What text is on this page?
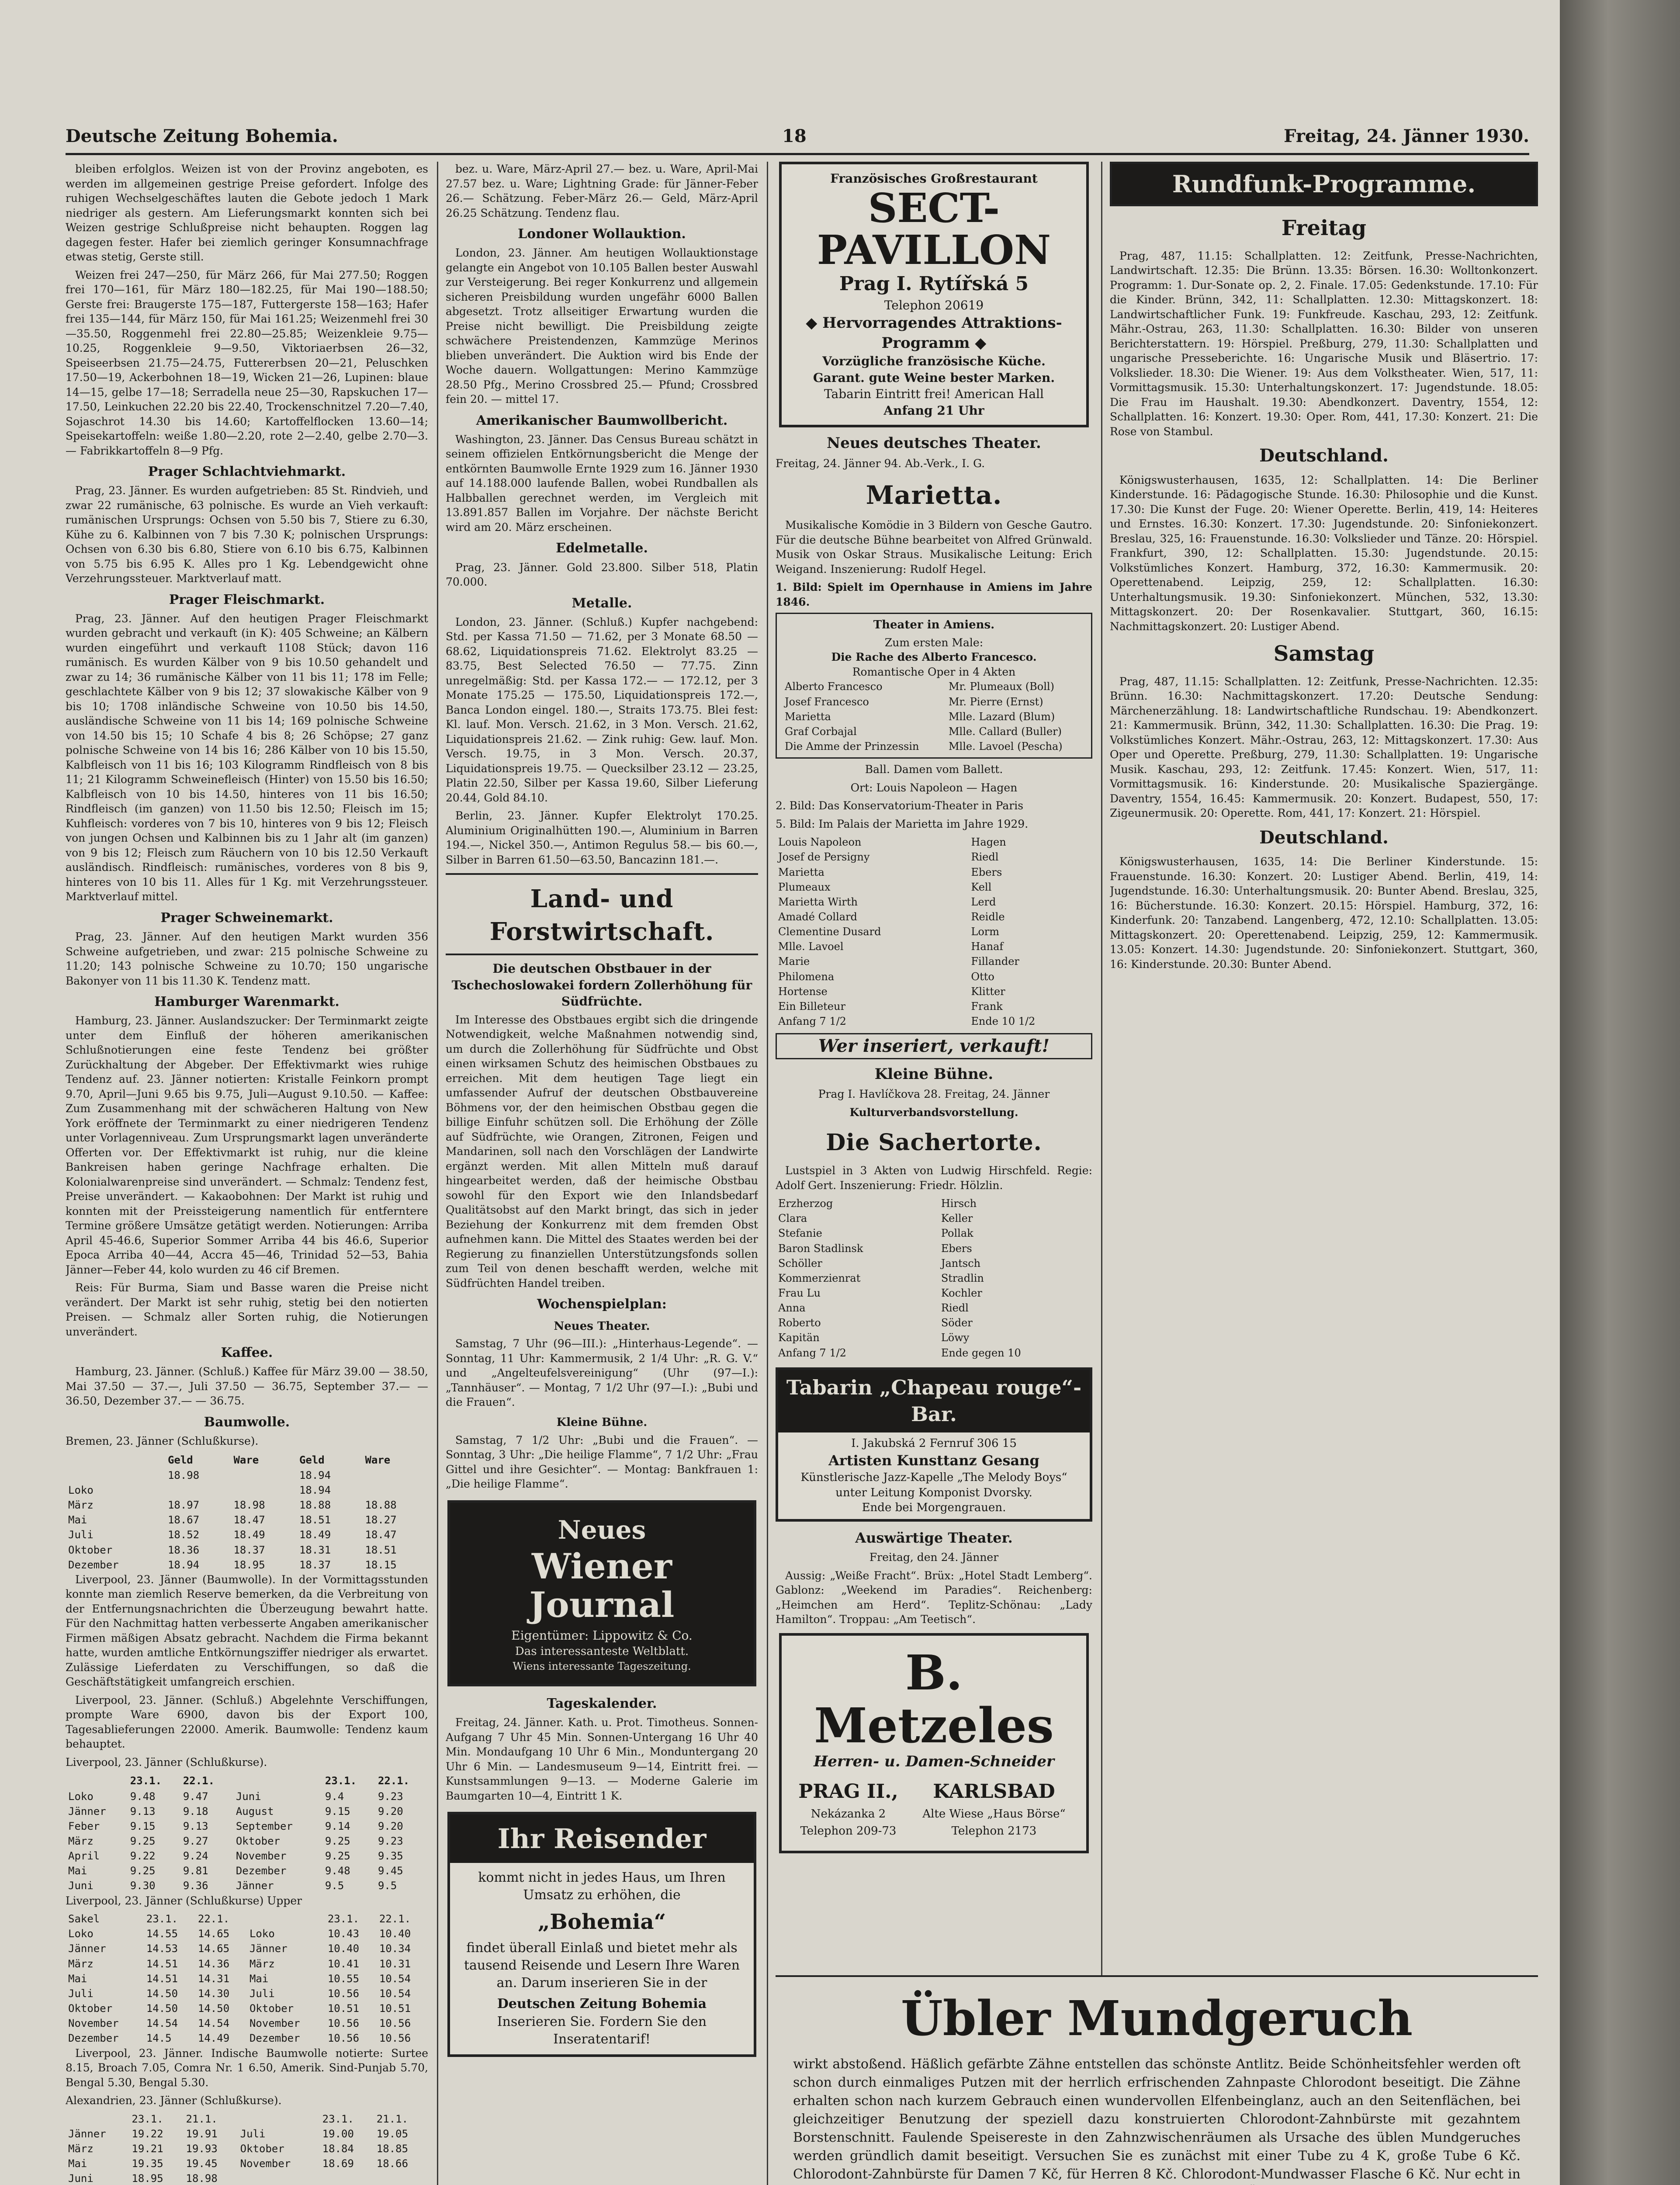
Deutsche Zeitung Bohemia.	18	Freitag, 24. Jänner 1930.

bleiben erfolglos. Weizen ist von der Provinz angeboten, es werden im allgemeinen gestrige Preise gefordert. Infolge des ruhigen Wechselgeschäftes lauten die Gebote jedoch 1 Mark niedriger als gestern. Am Lieferungsmarkt konnten sich bei Weizen gestrige Schlußpreise nicht behaupten. Roggen lag dagegen fester. Hafer bei ziemlich geringer Konsumnachfrage etwas stetig, Gerste still.

Weizen frei 247—250, für März 266, für Mai 277.50; Roggen frei 170—161, für März 180—182.25, für Mai 190—188.50; Gerste frei: Braugerste 175—187, Futtergerste 158—163; Hafer frei 135—144, für März 150, für Mai 161.25; Weizenmehl frei 30—35.50, Roggenmehl frei 22.80—25.85; Weizenkleie 9.75—10.25, Roggenkleie 9—9.50, Viktoriaerbsen 26—32, Speiseerbsen 21.75—24.75, Futtererbsen 20—21, Peluschken 17.50—19, Ackerbohnen 18—19, Wicken 21—26, Lupinen: blaue 14—15, gelbe 17—18; Serradella neue 25—30, Rapskuchen 17—17.50, Leinkuchen 22.20 bis 22.40, Trockenschnitzel 7.20—7.40, Sojaschrot 14.30 bis 14.60; Kartoffelflocken 13.60—14; Speisekartoffeln: weiße 1.80—2.20, rote 2—2.40, gelbe 2.70—3. — Fabrikkartoffeln 8—9 Pfg.

Prager Schlachtviehmarkt.

Prag, 23. Jänner. Es wurden aufgetrieben: 85 St. Rindvieh, und zwar 22 rumänische, 63 polnische. Es wurde an Vieh verkauft: rumänischen Ursprungs: Ochsen von 5.50 bis 7, Stiere zu 6.30, Kühe zu 6. Kalbinnen von 7 bis 7.30 K; polnischen Ursprungs: Ochsen von 6.30 bis 6.80, Stiere von 6.10 bis 6.75, Kalbinnen von 5.75 bis 6.95 K. Alles pro 1 Kg. Lebendgewicht ohne Verzehrungssteuer. Marktverlauf matt.

Prager Fleischmarkt.

Prag, 23. Jänner. Auf den heutigen Prager Fleischmarkt wurden gebracht und verkauft (in K): 405 Schweine; an Kälbern wurden eingeführt und verkauft 1108 Stück; davon 116 rumänisch. Es wurden Kälber von 9 bis 10.50 gehandelt und zwar zu 14; 36 rumänische Kälber von 11 bis 11; 178 im Felle; geschlachtete Kälber von 9 bis 12; 37 slowakische Kälber von 9 bis 10; 1708 inländische Schweine von 10.50 bis 14.50, ausländische Schweine von 11 bis 14; 169 polnische Schweine von 14.50 bis 15; 10 Schafe 4 bis 8; 26 Schöpse; 27 ganz polnische Schweine von 14 bis 16; 286 Kälber von 10 bis 15.50, Kalbfleisch von 11 bis 16; 103 Kilogramm Rindfleisch von 8 bis 11; 21 Kilogramm Schweinefleisch (Hinter) von 15.50 bis 16.50; Kalbfleisch von 10 bis 14.50, hinteres von 11 bis 16.50; Rindfleisch (im ganzen) von 11.50 bis 12.50; Fleisch im 15; Kuhfleisch: vorderes von 7 bis 10, hinteres von 9 bis 12; Fleisch von jungen Ochsen und Kalbinnen bis zu 1 Jahr alt (im ganzen) von 9 bis 12; Fleisch zum Räuchern von 10 bis 12.50 Verkauft ausländisch. Rindfleisch: rumänisches, vorderes von 8 bis 9, hinteres von 10 bis 11. Alles für 1 Kg. mit Verzehrungssteuer. Marktverlauf mittel.

Prager Schweinemarkt.

Prag, 23. Jänner. Auf den heutigen Markt wurden 356 Schweine aufgetrieben, und zwar: 215 polnische Schweine zu 11.20; 143 polnische Schweine zu 10.70; 150 ungarische Bakonyer von 11 bis 11.30 K. Tendenz matt.

Hamburger Warenmarkt.

Hamburg, 23. Jänner. Auslandszucker: Der Terminmarkt zeigte unter dem Einfluß der höheren amerikanischen Schlußnotierungen eine feste Tendenz bei größter Zurückhaltung der Abgeber. Der Effektivmarkt wies ruhige Tendenz auf. 23. Jänner notierten: Kristalle Feinkorn prompt 9.70, April—Juni 9.65 bis 9.75, Juli—August 9.10.50. — Kaffee: Zum Zusammenhang mit der schwächeren Haltung von New York eröffnete der Terminmarkt zu einer niedrigeren Tendenz unter Vorlagenniveau. Zum Ursprungsmarkt lagen unveränderte Offerten vor. Der Effektivmarkt ist ruhig, nur die kleine Bankreisen haben geringe Nachfrage erhalten. Die Kolonialwarenpreise sind unverändert. — Schmalz: Tendenz fest, Preise unverändert. — Kakaobohnen: Der Markt ist ruhig und konnten mit der Preissteigerung namentlich für entferntere Termine größere Umsätze getätigt werden. Notierungen: Arriba April 45-46.6, Superior Sommer Arriba 44 bis 46.6, Superior Epoca Arriba 40—44, Accra 45—46, Trinidad 52—53, Bahia Jänner—Feber 44, kolo wurden zu 46 cif Bremen.

Reis: Für Burma, Siam und Basse waren die Preise nicht verändert. Der Markt ist sehr ruhig, stetig bei den notierten Preisen. — Schmalz aller Sorten ruhig, die Notierungen unverändert.

Kaffee.

Hamburg, 23. Jänner. (Schluß.) Kaffee für März 39.00 — 38.50, Mai 37.50 — 37.—, Juli 37.50 — 36.75, September 37.— — 36.50, Dezember 37.— — 36.75.

Baumwolle.

Bremen, 23. Jänner (Schlußkurse).

	Geld	Ware	Geld	Ware
	18.98		18.94	
Loko			18.94	
März	18.97	18.98	18.88	18.88
Mai	18.67	18.47	18.51	18.27
Juli	18.52	18.49	18.49	18.47
Oktober	18.36	18.37	18.31	18.51
Dezember	18.94	18.95	18.37	18.15

Liverpool, 23. Jänner (Baumwolle). In der Vormittagsstunden konnte man ziemlich Reserve bemerken, da die Verbreitung von der Entfernungsnachrichten die Überzeugung bewahrt hatte. Für den Nachmittag hatten verbesserte Angaben amerikanischer Firmen mäßigen Absatz gebracht. Nachdem die Firma bekannt hatte, wurden amtliche Entkörnungsziffer niedriger als erwartet. Zulässige Lieferdaten zu Verschiffungen, so daß die Geschäftstätigkeit umfangreich erschien.

Liverpool, 23. Jänner. (Schluß.) Abgelehnte Verschiffungen, prompte Ware 6900, davon bis der Export 100, Tagesablieferungen 22000. Amerik. Baumwolle: Tendenz kaum behauptet.

Liverpool, 23. Jänner (Schlußkurse).

	23.1.	22.1.		23.1.	22.1.
Loko	9.48	9.47	Juni	9.4	9.23
Jänner	9.13	9.18	August	9.15	9.20
Feber	9.15	9.13	September	9.14	9.20
März	9.25	9.27	Oktober	9.25	9.23
April	9.22	9.24	November	9.25	9.35
Mai	9.25	9.81	Dezember	9.48	9.45
Juni	9.30	9.36	Jänner	9.5	9.5

Liverpool, 23. Jänner (Schlußkurse) Upper

Sakel	23.1.	22.1.		23.1.	22.1.
Loko	14.55	14.65	Loko	10.43	10.40
Jänner	14.53	14.65	Jänner	10.40	10.34
März	14.51	14.36	März	10.41	10.31
Mai	14.51	14.31	Mai	10.55	10.54
Juli	14.50	14.30	Juli	10.56	10.54
Oktober	14.50	14.50	Oktober	10.51	10.51
November	14.54	14.54	November	10.56	10.56
Dezember	14.5	14.49	Dezember	10.56	10.56

Liverpool, 23. Jänner. Indische Baumwolle notierte: Surtee 8.15, Broach 7.05, Comra Nr. 1 6.50, Amerik. Sind-Punjab 5.70, Bengal 5.30, Bengal 5.30.

Alexandrien, 23. Jänner (Schlußkurse).

	23.1.	21.1.		23.1.	21.1.
Jänner	19.22	19.91	Juli	19.00	19.05
März	19.21	19.93	Oktober	18.84	18.85
Mai	19.35	19.45	November	18.69	18.66
Juni	18.95	18.98			

bez. u. Ware, März-April 27.— bez. u. Ware, April-Mai 27.57 bez. u. Ware; Lightning Grade: für Jänner-Feber 26.— Schätzung. Feber-März 26.— Geld, März-April 26.25 Schätzung. Tendenz flau.

Londoner Wollauktion.

London, 23. Jänner. Am heutigen Wollauktionstage gelangte ein Angebot von 10.105 Ballen bester Auswahl zur Versteigerung. Bei reger Konkurrenz und allgemein sicheren Preisbildung wurden ungefähr 6000 Ballen abgesetzt. Trotz allseitiger Erwartung wurden die Preise nicht bewilligt. Die Preisbildung zeigte schwächere Preistendenzen, Kammzüge Merinos blieben unverändert. Die Auktion wird bis Ende der Woche dauern. Wollgattungen: Merino Kammzüge 28.50 Pfg., Merino Crossbred 25.— Pfund; Crossbred fein 20. — mittel 17.

Amerikanischer Baumwollbericht.

Washington, 23. Jänner. Das Census Bureau schätzt in seinem offizielen Entkörnungsbericht die Menge der entkörnten Baumwolle Ernte 1929 zum 16. Jänner 1930 auf 14.188.000 laufende Ballen, wobei Rundballen als Halbballen gerechnet werden, im Vergleich mit 13.891.857 Ballen im Vorjahre. Der nächste Bericht wird am 20. März erscheinen.

Edelmetalle.

Prag, 23. Jänner. Gold 23.800. Silber 518, Platin 70.000.

Metalle.

London, 23. Jänner. (Schluß.) Kupfer nachgebend: Std. per Kassa 71.50 — 71.62, per 3 Monate 68.50 — 68.62, Liquidationspreis 71.62. Elektrolyt 83.25 — 83.75, Best Selected 76.50 — 77.75. Zinn unregelmäßig: Std. per Kassa 172.— — 172.12, per 3 Monate 175.25 — 175.50, Liquidationspreis 172.—, Banca London eingel. 180.—, Straits 173.75. Blei fest: Kl. lauf. Mon. Versch. 21.62, in 3 Mon. Versch. 21.62, Liquidationspreis 21.62. — Zink ruhig: Gew. lauf. Mon. Versch. 19.75, in 3 Mon. Versch. 20.37, Liquidationspreis 19.75. — Quecksilber 23.12 — 23.25, Platin 22.50, Silber per Kassa 19.60, Silber Lieferung 20.44, Gold 84.10.

Berlin, 23. Jänner. Kupfer Elektrolyt 170.25. Aluminium Originalhütten 190.—, Aluminium in Barren 194.—, Nickel 350.—, Antimon Regulus 58.— bis 60.—, Silber in Barren 61.50—63.50, Bancazinn 181.—.

Land- und Forstwirtschaft.
Die deutschen Obstbauer in der Tschechoslowakei fordern Zollerhöhung für Südfrüchte.

Im Interesse des Obstbaues ergibt sich die dringende Notwendigkeit, welche Maßnahmen notwendig sind, um durch die Zollerhöhung für Südfrüchte und Obst einen wirksamen Schutz des heimischen Obstbaues zu erreichen. Mit dem heutigen Tage liegt ein umfassender Aufruf der deutschen Obstbauvereine Böhmens vor, der den heimischen Obstbau gegen die billige Einfuhr schützen soll. Die Erhöhung der Zölle auf Südfrüchte, wie Orangen, Zitronen, Feigen und Mandarinen, soll nach den Vorschlägen der Landwirte ergänzt werden. Mit allen Mitteln muß darauf hingearbeitet werden, daß der heimische Obstbau sowohl für den Export wie den Inlandsbedarf Qualitätsobst auf den Markt bringt, das sich in jeder Beziehung der Konkurrenz mit dem fremden Obst aufnehmen kann. Die Mittel des Staates werden bei der Regierung zu finanziellen Unterstützungsfonds sollen zum Teil von denen beschafft werden, welche mit Südfrüchten Handel treiben.

Wochenspielplan:
Neues Theater.

Samstag, 7 Uhr (96—III.): „Hinterhaus-Legende“. — Sonntag, 11 Uhr: Kammermusik, 2 1/4 Uhr: „R. G. V.“ und „Angelteufelsvereinigung“ (Uhr (97—I.): „Tannhäuser“. — Montag, 7 1/2 Uhr (97—I.): „Bubi und die Frauen“.

Kleine Bühne.

Samstag, 7 1/2 Uhr: „Bubi und die Frauen“. — Sonntag, 3 Uhr: „Die heilige Flamme“, 7 1/2 Uhr: „Frau Gittel und ihre Gesichter“. — Montag: Bankfrauen 1: „Die heilige Flamme“.

Neues
Wiener Journal
Eigentümer: Lippowitz & Co.
Das interessanteste Weltblatt.
Wiens interessante Tageszeitung.
Tageskalender.

Freitag, 24. Jänner. Kath. u. Prot. Timotheus. Sonnen-Aufgang 7 Uhr 45 Min. Sonnen-Untergang 16 Uhr 40 Min. Mondaufgang 10 Uhr 6 Min., Monduntergang 20 Uhr 6 Min. — Landesmuseum 9—14, Eintritt frei. — Kunstsammlungen 9—13. — Moderne Galerie im Baumgarten 10—4, Eintritt 1 K.

Ihr Reisender
kommt nicht in jedes Haus, um Ihren Umsatz zu erhöhen, die
„Bohemia“
findet überall Einlaß und bietet mehr als tausend Reisende und Lesern Ihre Waren an. Darum inserieren Sie in der
Deutschen Zeitung Bohemia
Inserieren Sie. Fordern Sie den Inseratentarif!
Französisches Großrestaurant
SECT-PAVILLON
Prag I. Rytířská 5
Telephon 20619
◆ Hervorragendes Attraktions-Programm ◆
Vorzügliche französische Küche.
Garant. gute Weine bester Marken.
Tabarin Eintritt frei! American Hall
Anfang 21 Uhr
Neues deutsches Theater.

Freitag, 24. Jänner 94. Ab.-Verk., I. G.

Marietta.

Musikalische Komödie in 3 Bildern von Gesche Gautro. Für die deutsche Bühne bearbeitet von Alfred Grünwald. Musik von Oskar Straus. Musikalische Leitung: Erich Weigand. Inszenierung: Rudolf Hegel.

1. Bild: Spielt im Opernhause in Amiens im Jahre 1846.

Theater in Amiens.
Zum ersten Male:
Die Rache des Alberto Francesco.
Romantische Oper in 4 Akten
Alberto Francesco	Mr. Plumeaux (Boll)
Josef Francesco	Mr. Pierre (Ernst)
Marietta	Mlle. Lazard (Blum)
Graf Corbajal	Mlle. Callard (Buller)
Die Amme der Prinzessin	Mlle. Lavoel (Pescha)

Ball. Damen vom Ballett.

Ort: Louis Napoleon — Hagen

2. Bild: Das Konservatorium-Theater in Paris

5. Bild: Im Palais der Marietta im Jahre 1929.

Louis Napoleon	Hagen
Josef de Persigny	Riedl
Marietta	Ebers
Plumeaux	Kell
Marietta Wirth	Lerd
Amadé Collard	Reidle
Clementine Dusard	Lorm
Mlle. Lavoel	Hanaf
Marie	Fillander
Philomena	Otto
Hortense	Klitter
Ein Billeteur	Frank
Anfang 7 1/2	Ende 10 1/2
Wer inseriert, verkauft!
Kleine Bühne.

Prag I. Havlíčkova 28. Freitag, 24. Jänner

Kulturverbandsvorstellung.

Die Sachertorte.

Lustspiel in 3 Akten von Ludwig Hirschfeld. Regie: Adolf Gert. Inszenierung: Friedr. Hölzlin.

Erzherzog	Hirsch
Clara	Keller
Stefanie	Pollak
Baron Stadlinsk	Ebers
Schöller	Jantsch
Kommerzienrat	Stradlin
Frau Lu	Kochler
Anna	Riedl
Roberto	Söder
Kapitän	Löwy
Anfang 7 1/2	Ende gegen 10
Tabarin „Chapeau rouge“-Bar.
I. Jakubská 2 Fernruf 306 15
Artisten Kunsttanz Gesang
Künstlerische Jazz-Kapelle „The Melody Boys“
unter Leitung Komponist Dvorsky.
Ende bei Morgengrauen.
Auswärtige Theater.

Freitag, den 24. Jänner

Aussig: „Weiße Fracht“. Brüx: „Hotel Stadt Lemberg“. Gablonz: „Weekend im Paradies“. Reichenberg: „Heimchen am Herd“. Teplitz-Schönau: „Lady Hamilton“. Troppau: „Am Teetisch“.

B. Metzeles
Herren- u. Damen-Schneider
PRAG II.,	KARLSBAD
Nekázanka 2	Alte Wiese „Haus Börse“
Telephon 209-73	Telephon 2173
Übler Mundgeruch
wirkt abstoßend. Häßlich gefärbte Zähne entstellen das schönste Antlitz. Beide Schönheitsfehler werden oft schon durch einmaliges Putzen mit der herrlich erfrischenden Zahnpaste Chlorodont beseitigt. Die Zähne erhalten schon nach kurzem Gebrauch einen wundervollen Elfenbeinglanz, auch an den Seitenflächen, bei gleichzeitiger Benutzung der speziell dazu konstruierten Chlorodont-Zahnbürste mit gezahntem Borstenschnitt. Faulende Speisereste in den Zahnzwischenräumen als Ursache des üblen Mundgeruches werden gründlich damit beseitigt. Versuchen Sie es zunächst mit einer Tube zu 4 K, große Tube 6 Kč. Chlorodont-Zahnbürste für Damen 7 Kč, für Herren 8 Kč. Chlorodont-Mundwasser Flasche 6 Kč. Nur echt in
Rundfunk-Programme.
Freitag

Prag, 487, 11.15: Schallplatten. 12: Zeitfunk, Presse-Nachrichten, Landwirtschaft. 12.35: Die Brünn. 13.35: Börsen. 16.30: Wolltonkonzert. Programm: 1. Dur-Sonate op. 2, 2. Finale. 17.05: Gedenkstunde. 17.10: Für die Kinder. Brünn, 342, 11: Schallplatten. 12.30: Mittagskonzert. 18: Landwirtschaftlicher Funk. 19: Funkfreude. Kaschau, 293, 12: Zeitfunk. Mähr.-Ostrau, 263, 11.30: Schallplatten. 16.30: Bilder von unseren Berichterstattern. 19: Hörspiel. Preßburg, 279, 11.30: Schallplatten und ungarische Presseberichte. 16: Ungarische Musik und Bläsertrio. 17: Volkslieder. 18.30: Die Wiener. 19: Aus dem Volkstheater. Wien, 517, 11: Vormittagsmusik. 15.30: Unterhaltungskonzert. 17: Jugendstunde. 18.05: Die Frau im Haushalt. 19.30: Abendkonzert. Daventry, 1554, 12: Schallplatten. 16: Konzert. 19.30: Oper. Rom, 441, 17.30: Konzert. 21: Die Rose von Stambul.

Deutschland.

Königswusterhausen, 1635, 12: Schallplatten. 14: Die Berliner Kinderstunde. 16: Pädagogische Stunde. 16.30: Philosophie und die Kunst. 17.30: Die Kunst der Fuge. 20: Wiener Operette. Berlin, 419, 14: Heiteres und Ernstes. 16.30: Konzert. 17.30: Jugendstunde. 20: Sinfoniekonzert. Breslau, 325, 16: Frauenstunde. 16.30: Volkslieder und Tänze. 20: Hörspiel. Frankfurt, 390, 12: Schallplatten. 15.30: Jugendstunde. 20.15: Volkstümliches Konzert. Hamburg, 372, 16.30: Kammermusik. 20: Operettenabend. Leipzig, 259, 12: Schallplatten. 16.30: Unterhaltungsmusik. 19.30: Sinfoniekonzert. München, 532, 13.30: Mittagskonzert. 20: Der Rosenkavalier. Stuttgart, 360, 16.15: Nachmittagskonzert. 20: Lustiger Abend.

Samstag

Prag, 487, 11.15: Schallplatten. 12: Zeitfunk, Presse-Nachrichten. 12.35: Brünn. 16.30: Nachmittagskonzert. 17.20: Deutsche Sendung: Märchenerzählung. 18: Landwirtschaftliche Rundschau. 19: Abendkonzert. 21: Kammermusik. Brünn, 342, 11.30: Schallplatten. 16.30: Die Prag. 19: Volkstümliches Konzert. Mähr.-Ostrau, 263, 12: Mittagskonzert. 17.30: Aus Oper und Operette. Preßburg, 279, 11.30: Schallplatten. 19: Ungarische Musik. Kaschau, 293, 12: Zeitfunk. 17.45: Konzert. Wien, 517, 11: Vormittagsmusik. 16: Kinderstunde. 20: Musikalische Spaziergänge. Daventry, 1554, 16.45: Kammermusik. 20: Konzert. Budapest, 550, 17: Zigeunermusik. 20: Operette. Rom, 441, 17: Konzert. 21: Hörspiel.

Deutschland.

Königswusterhausen, 1635, 14: Die Berliner Kinderstunde. 15: Frauenstunde. 16.30: Konzert. 20: Lustiger Abend. Berlin, 419, 14: Jugendstunde. 16.30: Unterhaltungsmusik. 20: Bunter Abend. Breslau, 325, 16: Bücherstunde. 16.30: Konzert. 20.15: Hörspiel. Hamburg, 372, 16: Kinderfunk. 20: Tanzabend. Langenberg, 472, 12.10: Schallplatten. 13.05: Mittagskonzert. 20: Operettenabend. Leipzig, 259, 12: Kammermusik. 13.05: Konzert. 14.30: Jugendstunde. 20: Sinfoniekonzert. Stuttgart, 360, 16: Kinderstunde. 20.30: Bunter Abend.
